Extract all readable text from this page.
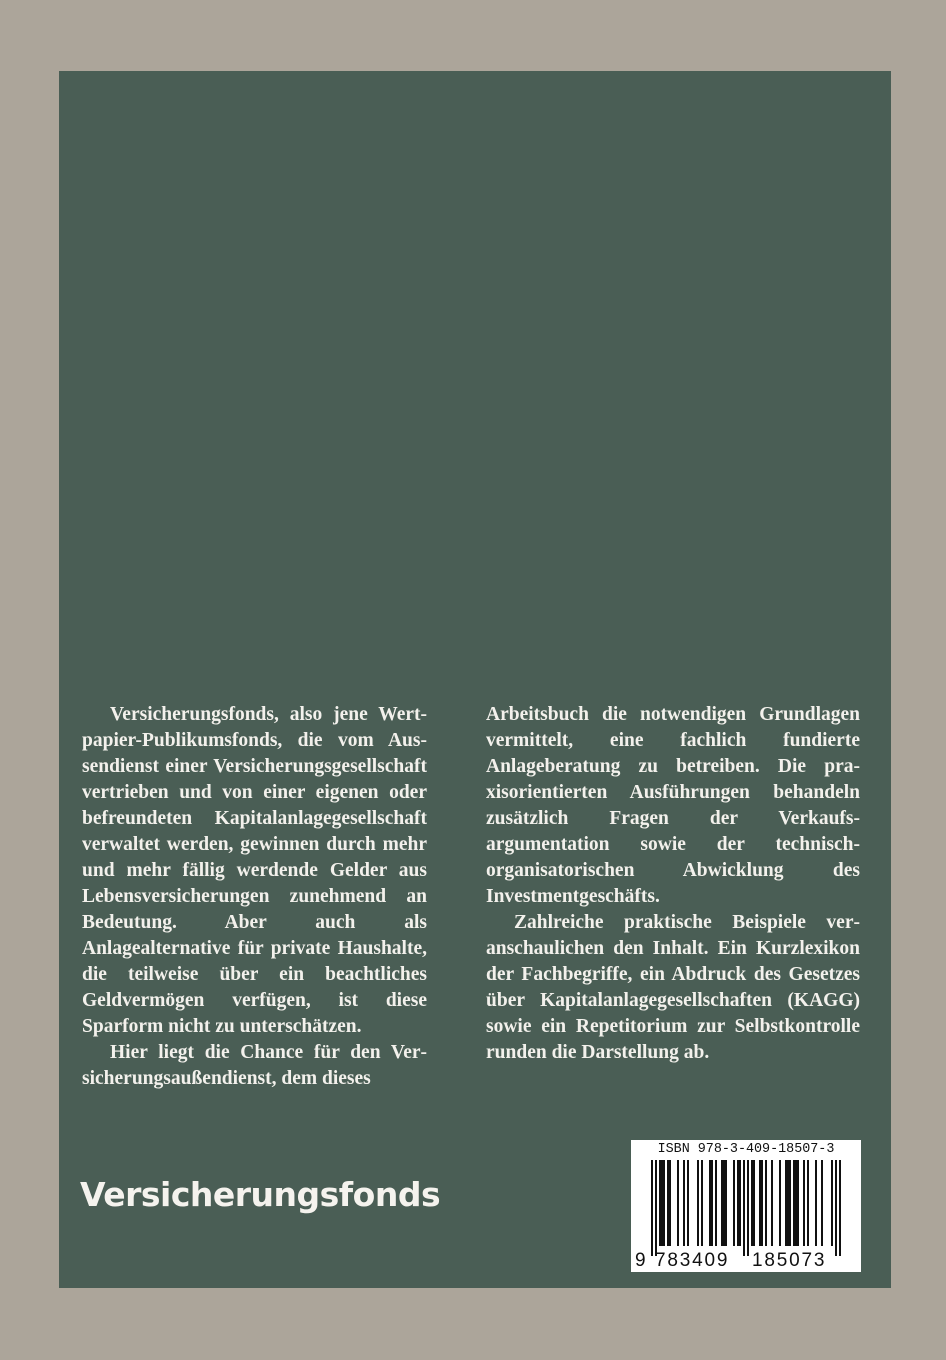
Versicherungsfonds, also jene Wertpapier-Publikumsfonds, die vom Aussendienst einer Versicherungsgesellschaft vertrieben und von einer eigenen oder befreundeten Kapitalanlagegesellschaft verwaltet werden, gewinnen durch mehr und mehr fällig werdende Gelder aus Lebensversicherungen zunehmend an Bedeutung. Aber auch als Anlagealternative für private Haushalte, die teilweise über ein beachtliches Geldvermögen verfügen, ist diese Sparform nicht zu unterschätzen.

Hier liegt die Chance für den Versicherungsaußendienst, dem dieses

Arbeitsbuch die notwendigen Grundlagen vermittelt, eine fachlich fundierte Anlageberatung zu betreiben. Die praxisorientierten Ausführungen behandeln zusätzlich Fragen der Verkaufsargumentation sowie der technisch-organisatorischen Abwicklung des Investmentgeschäfts.

Zahlreiche praktische Beispiele veranschaulichen den Inhalt. Ein Kurzlexikon der Fachbegriffe, ein Abdruck des Gesetzes über Kapitalanlagegesellschaften (KAGG) sowie ein Repetitorium zur Selbstkontrolle runden die Darstellung ab.

Versicherungsfonds
ISBN 978-3-409-18507-3
9 783409 185073
